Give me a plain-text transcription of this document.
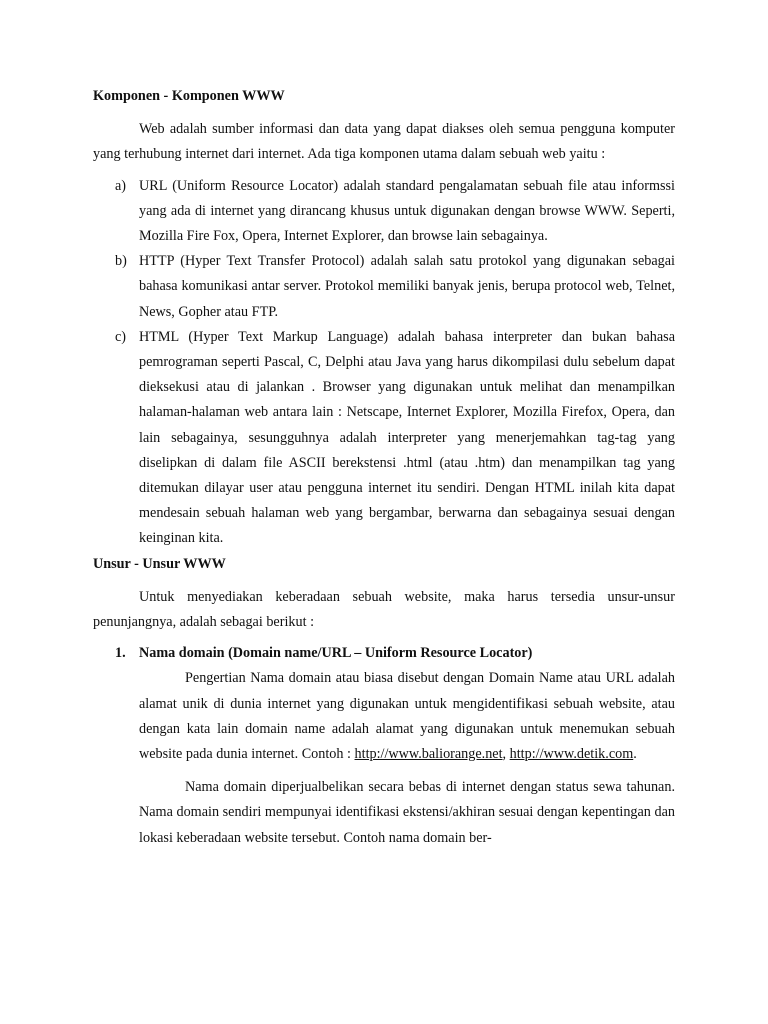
Komponen - Komponen WWW

Web adalah sumber informasi dan data yang dapat diakses oleh semua pengguna komputer yang terhubung internet dari internet. Ada tiga komponen utama dalam sebuah web yaitu :

a) URL (Uniform Resource Locator) adalah standard pengalamatan sebuah file atau informssi yang ada di internet yang dirancang khusus untuk digunakan dengan browse WWW. Seperti, Mozilla Fire Fox, Opera, Internet Explorer, dan browse lain sebagainya.
b) HTTP (Hyper Text Transfer Protocol) adalah salah satu protokol yang digunakan sebagai bahasa komunikasi antar server. Protokol memiliki banyak jenis, berupa protocol web, Telnet, News, Gopher atau FTP.
c) HTML (Hyper Text Markup Language) adalah bahasa interpreter dan bukan bahasa pemrograman seperti Pascal, C, Delphi atau Java yang harus dikompilasi dulu sebelum dapat dieksekusi atau di jalankan . Browser yang digunakan untuk melihat dan menampilkan halaman-halaman web antara lain : Netscape, Internet Explorer, Mozilla Firefox, Opera, dan lain sebagainya, sesungguhnya adalah interpreter yang menerjemahkan tag-tag yang diselipkan di dalam file ASCII berekstensi .html (atau .htm) dan menampilkan tag yang ditemukan dilayar user atau pengguna internet itu sendiri. Dengan HTML inilah kita dapat mendesain sebuah halaman web yang bergambar, berwarna dan sebagainya sesuai dengan keinginan kita.
Unsur - Unsur WWW

Untuk menyediakan keberadaan sebuah website, maka harus tersedia unsur-unsur penunjangnya, adalah sebagai berikut :

1. Nama domain (Domain name/URL – Uniform Resource Locator)

Pengertian Nama domain atau biasa disebut dengan Domain Name atau URL adalah alamat unik di dunia internet yang digunakan untuk mengidentifikasi sebuah website, atau dengan kata lain domain name adalah alamat yang digunakan untuk menemukan sebuah website pada dunia internet. Contoh : http://www.baliorange.net, http://www.detik.com.

Nama domain diperjualbelikan secara bebas di internet dengan status sewa tahunan. Nama domain sendiri mempunyai identifikasi ekstensi/akhiran sesuai dengan kepentingan dan lokasi keberadaan website tersebut. Contoh nama domain ber-
